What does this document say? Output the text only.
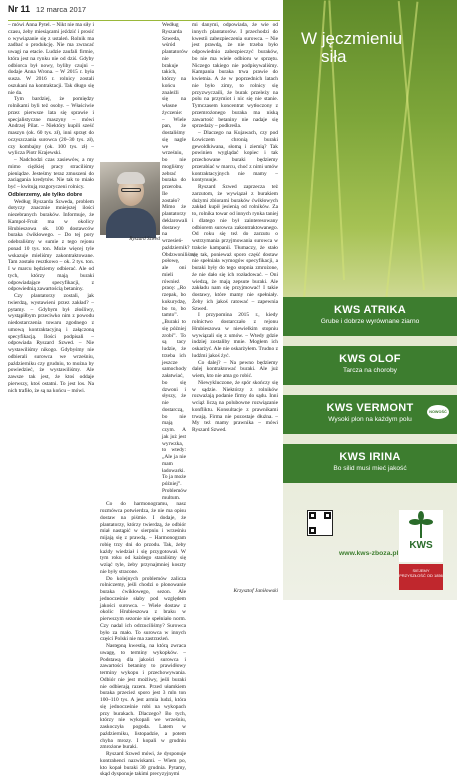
Nr 11 12 marca 2017

– mówi Anna Pytel. – Nikt nie ma siły i czasu, żeby miesiącami jeździć i prosić o wywiązanie się z ustaleń. Rolnik ma zadbać o produkcję. Nie ma zwracać uwagi na etacie. Ludzie zaufali firmie, która jest na rynku nie od dziś. Gdyby odbiorca był nowy, byliby czujni – dodaje Anna Wrona. – W 2015 r. była susza. W 2016 r. rolnicy zostali oszukani na kontraktacji. Tak długo się nie da.

Tym bardziej, że pomiędzy rolnikami byli też osoby. – Właściwie przez pierwsze lata się sprawie i specjalistyczne maszyny – mówi Andrzej Pilat. – Niektóry kupili sześć maszyn (ok. 60 tys. zł), inni sprzęt do oczyszczania surowca (20–30 tys. zł), czy kombajny (ok. 100 tys. zł) – wylicza Piotr Krajewski.

– Nadchodzi czas zasiewów, a my mimo ciężkiej pracy straciliśmy pieniądze. Jesteśmy teraz zmuszeni do zaciągania kredytów. Nie tak to miało być – kwitują rozgoryczeni rolnicy.

Odbierzemy, ale tylko dobre

Według Ryszarda Szweda, problem dotyczy znacznie mniejszej ilości niezebranych buraków. Informuje, że Kampol-Fruit ma w okolicy Hrubieszowa ok. 100 dostawców buraka ćwikłowego. – Do tej pory odebraliśmy w sumie z tego rejonu ponad 10 tys. ton. Może więcej tyle wskazuje mieliśmy zakontraktowane. Tam zostało resztkowo – ok. 2 tys. ton. I w marcu będziemy odbierać. Ale od tych, którzy mają buraki odpowiadające specyfikacji, z odpowiednią zawartością betaniny.

Czy plantatorzy zostali, jak twierdzą, wystawieni przez zakład? – pytamy. – Gdybym był złośliwy, wystąpiłbym przeciwko nim z powodu niedostarczenia towaru zgodnego z umową kontraktacyjną i załączoną specyfikacją. Ilości podpisali – odpowiada Ryszard Szwed. – Nie wystawiliśmy nikogo. Gdybyśmy nie odbierali surowca we wrześniu, październiku czy grudniu, to można by powiedzieć, że wystawiliśmy. Ale zawsze tak jest, że ktoś oddaje pierwszy, ktoś ostatni. To jest los. Na nich trafiło, że są na końcu – mówi.

Według Ryszarda Szweda, wśród plantatorów nie brakuje takich, którzy na końcu znaleźli się na własne życzenie: – Wiele pan, że dostaliśmy się nagle we wrześniu, bo nie mogliśmy zebrać buraka do przerobu. Ile zostało? Mimo że plantatorzy deklarowali dostawy na wrzesień-październik? Obdzwoniliśmy połowę, ale oni mieli również pracę: „Ro rzepak, bo kukurydzę, bo to, bo tamto”. „Buraki to się później zrobi”. To są tacy ludzie, że trzeba ich jeszcze samochody załatwiać, bo się dzwoni i słyszy, że nie dostarczą, bo nie mają czym. A jak już jest wyrwzka, to wtedy: „Ale ja nie mam ładowarki. To ja może później”. Problemów multum.

Co do harmonogramu, nasz rozmówca potwierdza, że nie ma opisu dostaw na piśmie. I dodaje, że plantatorzy, którzy twierdzą, że odbiór miał nastąpić w sierpniu i wrześniu mijają się z prawdą. – Harmonogram robię trzy dni do przodu. Tak, żeby każdy wiedział i się przygotował. W tym roku od każdego staraliśmy się wziąć tyle, żeby przynajmniej koszty nie były stracone.

Do kolejnych problemów zalicza rolniczemy, jeśli chodzi o plonowanie buraka ćwikłowego, sezon. Ale jednocześnie słaby pod względem jakości surowca. – Wiele dostaw z okolic Hrubieszowa z braku w pierwszym sezonie nie spełniało norm. Czy nadal ich odrzuciliśmy? Surowca było za mało. To surowca w innych części Polski nie ma zastrzeżeń.

Następną kwestią, na którą zwraca uwagę, to terminy wykopków. – Podstawą dla jakości surowca i zawartości betaniny to prawidłowy terminy wykopu i przechowywania. Odbiór nie jest możliwy, jeśli buraki nie odbierają razem. Przed ułamkiem buraka przecież sporo jest 3 mln ton 100–110 tys. A jest armia ludzi, która się jednocześnie robi na wykopach przy burakach. Dlaczego? Bo tych, którzy nie wykopali we wrześniu, zaskoczyła pogoda. Latem w październiku, listopadzie, a potem chyba mrozy. I kopali w grudniu zmrożone buraki.

Ryszard Szwed mówi, że dysponuje kontrahenci nazwiskami. – Wiem po, kto kopał buraki 30 grudnia. Pytamy, skąd dysponuje takimi precyzyjnymi

Ryszard Szwed

mi danymi, odpowiada, że wie od innych plantatorów. I przechodzi do kwestii zabezpieczenia surowca. – Nie jest prawdą, że nie trzeba było odpowiednio zabezpieczyć buraków, bo nie ma wiele odbioru w sprzętu. Niczego takiego nie podpisywaliśmy. Kampania buraka trwa prawie do kwietnia. A że w poprzednich latach nie było zimy, to rolnicy się przyzwyczaili, że burak przeleży na polu na przymiot i nic się nie stanie. Tymczasem koncentrat wytłoczony z przemrożonego buraka ma niską zawartość betaniny nie nadaje się sprzedaży – podkreśla.

– Dlaczego na Kujawach, czy pod Łowiczem chronią buraki gewoldkiwana, słomą i ziemią? Tak powinien wyglądać kopiec i tak przechowane buraki będziemy przerabiać w marcu, choć z nimi umów kontraktacyjnych nie mamy – kontynuuje.

Ryszard Szwed zaprzecza też zarzutom, że wywiązał z burakiem dużymi zbiorami buraków ćwikłowych zakład kupił jesienią od rolników. Za to, rolnika towar od innych rynka taniej i dlatego nie był zainteresowany odbiorem surowca zakontraktowanego. Od roku się też do zarzutu o wstrzymania przyjmowania surowca w trakcie kampanii. Tłumaczy, że stało się tak, ponieważ sporo część dostaw nie spełniała wymogów specyfikacji, a buraki były do tego stopnia zmrożone, że nie dało się ich rozładować. – Oni wiedzą, że mają zepsute buraki. Ale zakładu nam się przyjmować! I takie dostawy, które mamy nie spełniały. Żeby ich jakoś ratować – zapewnia Szwed.

I przypomina 2015 r., kiedy rolnictwo dostarczało z rejonu Hrubieszowa w niewielkim stopniu wywiązali się z umów. – Wtedy gdzie indziej zostaliby mnie. Mogłem ich oskarżyć. Ale nie oskarżyłem. Trudno z ludźmi jakoś żyć.

Co dalej? – Na pewno będziemy dalej kontraktować buraki. Ale już wiem, kto nie ama go robić.

Niewykluczone, że spór skończy się w sądzie. Niektórzy z rolników rozważają podanie firmy do sądu. Inni wciąż liczą na polubowne rozwiązanie konfliktu. Konsultacje z prawnikami trwają. Firma nie pozostaje dłużna. – My też mamy prawnika – mówi Ryszard Szwed.

Krzysztof Janiłowski
W jęczmieniu
siła
KWS ATRIKA
Grube i dobrze wyrównane ziarno
KWS OLOF
Tarcza na choroby
KWS VERMONT
Wysoki plon na każdym polu
NOWOŚĆ
KWS IRINA
Bo silid musi mieć jakość
www.kws-zboza.pl
KWS
SIEJEMY PRZYSZŁOŚĆ OD 1856
